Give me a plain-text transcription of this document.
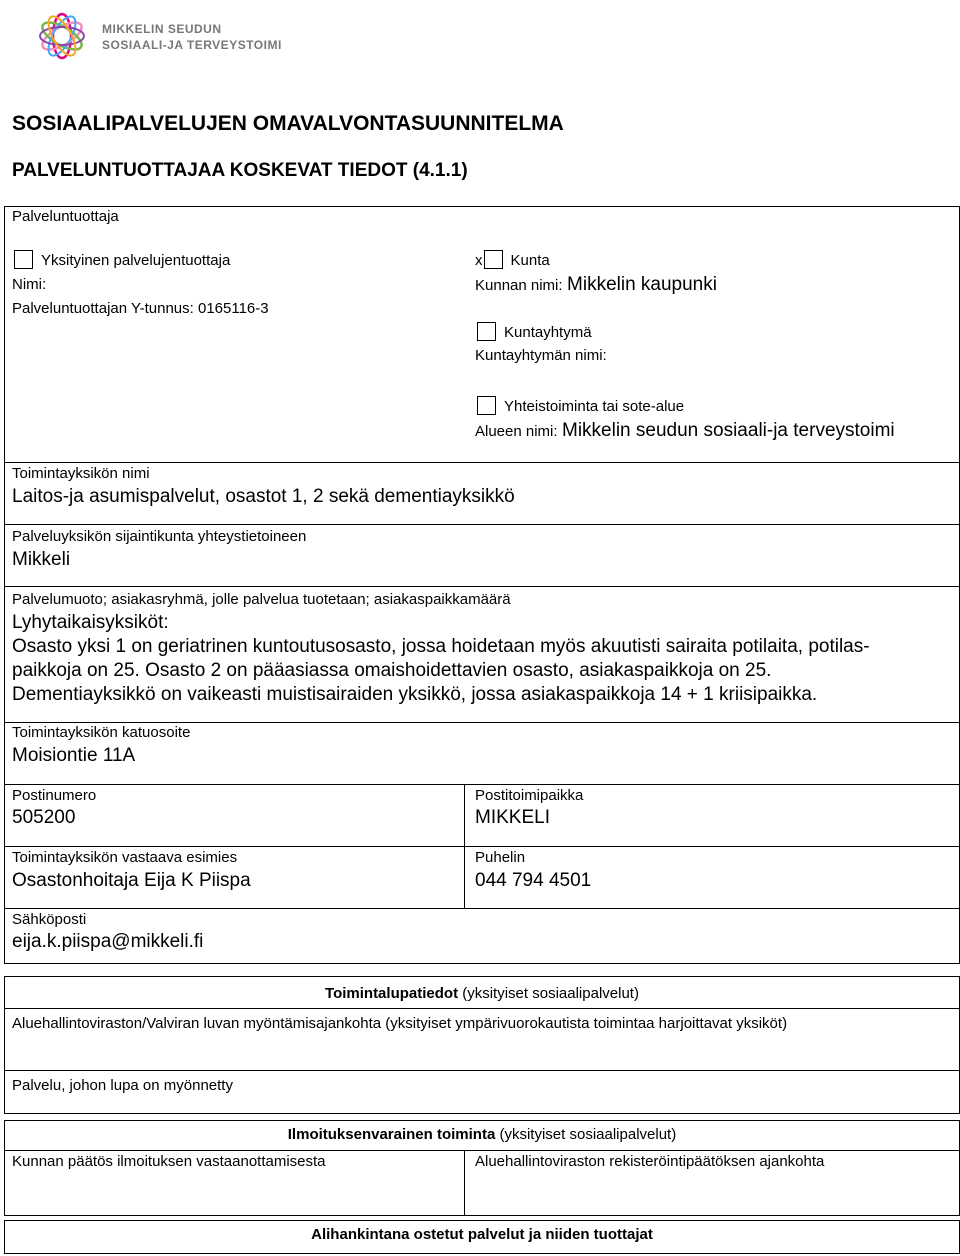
MIKKELIN SEUDUN
SOSIAALI-JA TERVEYSTOIMI
SOSIAALIPALVELUJEN OMAVALVONTASUUNNITELMA
PALVELUNTUOTTAJAA KOSKEVAT TIEDOT (4.1.1)
Palveluntuottaja
Yksityinen palvelujentuottaja
Nimi:
Palveluntuottajan Y-tunnus: 0165116-3
x Kunta
Kunnan nimi: Mikkelin kaupunki
Kuntayhtymä
Kuntayhtymän nimi:
Yhteistoiminta tai sote-alue
Alueen nimi: Mikkelin seudun sosiaali-ja terveystoimi
Toimintayksikön nimi
Laitos-ja asumispalvelut, osastot 1, 2 sekä dementiayksikkö
Palveluyksikön sijaintikunta yhteystietoineen
Mikkeli
Palvelumuoto; asiakasryhmä, jolle palvelua tuotetaan; asiakaspaikkamäärä
Lyhytaikaisyksiköt:
Osasto yksi 1 on geriatrinen kuntoutusosasto, jossa hoidetaan myös akuutisti sairaita potilaita, potilas-
paikkoja on 25. Osasto 2 on pääasiassa omaishoidettavien osasto, asiakaspaikkoja on 25.
Dementiayksikkö on vaikeasti muistisairaiden yksikkö, jossa asiakaspaikkoja 14 + 1 kriisipaikka.
Toimintayksikön katuosoite
Moisiontie 11A
Postinumero
505200
Postitoimipaikka
MIKKELI
Toimintayksikön vastaava esimies
Osastonhoitaja Eija K Piispa
Puhelin
044 794 4501
Sähköposti
eija.k.piispa@mikkeli.fi
Toimintalupatiedot (yksityiset sosiaalipalvelut)
Aluehallintoviraston/Valviran luvan myöntämisajankohta (yksityiset ympärivuorokautista toimintaa harjoittavat yksiköt)
Palvelu, johon lupa on myönnetty
Ilmoituksenvarainen toiminta (yksityiset sosiaalipalvelut)
Kunnan päätös ilmoituksen vastaanottamisesta	Aluehallintoviraston rekisteröintipäätöksen ajankohta
Alihankintana ostetut palvelut ja niiden tuottajat
